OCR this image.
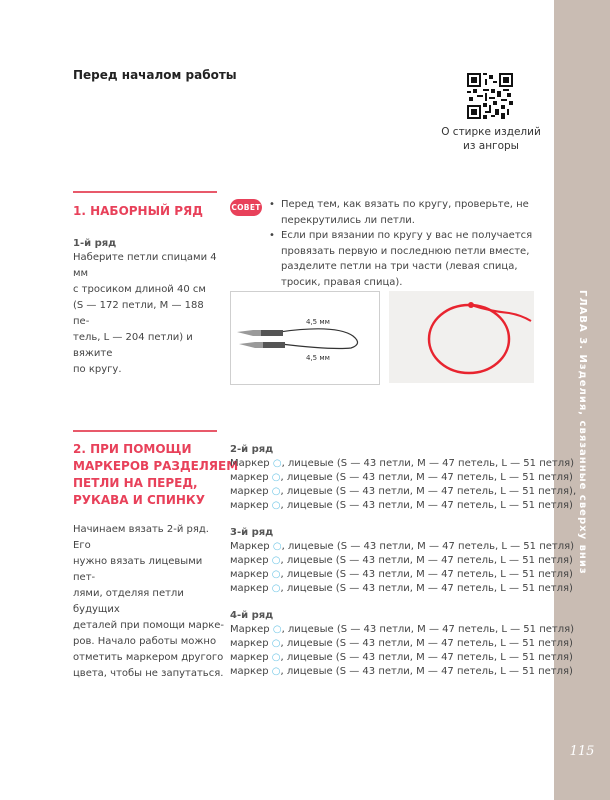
ГЛАВА 3. Изделия, связанные сверху вниз
115
Перед началом работы
О стирке изделий
из ангоры
1. НАБОРНЫЙ РЯД
1-й ряд
Наберите петли спицами 4 мм
с тросиком длиной 40 см
(S — 172 петли, M — 188 пе-
тель, L — 204 петли) и вяжите
по кругу.
СОВЕТ
•	Перед тем, как вязать по кругу, проверьте, не перекрутились ли петли.
• Если при вязании по кругу у вас не получается провязать первую и последнюю петли вместе, разделите петли на три части (левая спица, тросик, правая спица).
4,5 мм
4,5 мм
2. ПРИ ПОМОЩИ
МАРКЕРОВ РАЗДЕЛЯЕМ
ПЕТЛИ НА ПЕРЕД,
РУКАВА И СПИНКУ
Начинаем вязать 2-й ряд. Его
нужно вязать лицевыми пет-
лями, отделяя петли будущих
деталей при помощи марке-
ров. Начало работы можно
отметить маркером другого
цвета, чтобы не запутаться.
2-й ряд
Маркер ○, лицевые (S — 43 петли, M — 47 петель, L — 51 петля)
маркер ○, лицевые (S — 43 петли, M — 47 петель, L — 51 петля)
маркер ○, лицевые (S — 43 петли, M — 47 петель, L — 51 петля),
маркер ○, лицевые (S — 43 петли, M — 47 петель, L — 51 петля)
3-й ряд
Маркер ○, лицевые (S — 43 петли, M — 47 петель, L — 51 петля)
маркер ○, лицевые (S — 43 петли, M — 47 петель, L — 51 петля)
маркер ○, лицевые (S — 43 петли, M — 47 петель, L — 51 петля)
маркер ○, лицевые (S — 43 петли, M — 47 петель, L — 51 петля)
4-й ряд
Маркер ○, лицевые (S — 43 петли, M — 47 петель, L — 51 петля)
маркер ○, лицевые (S — 43 петли, M — 47 петель, L — 51 петля)
маркер ○, лицевые (S — 43 петли, M — 47 петель, L — 51 петля)
маркер ○, лицевые (S — 43 петли, M — 47 петель, L — 51 петля)
